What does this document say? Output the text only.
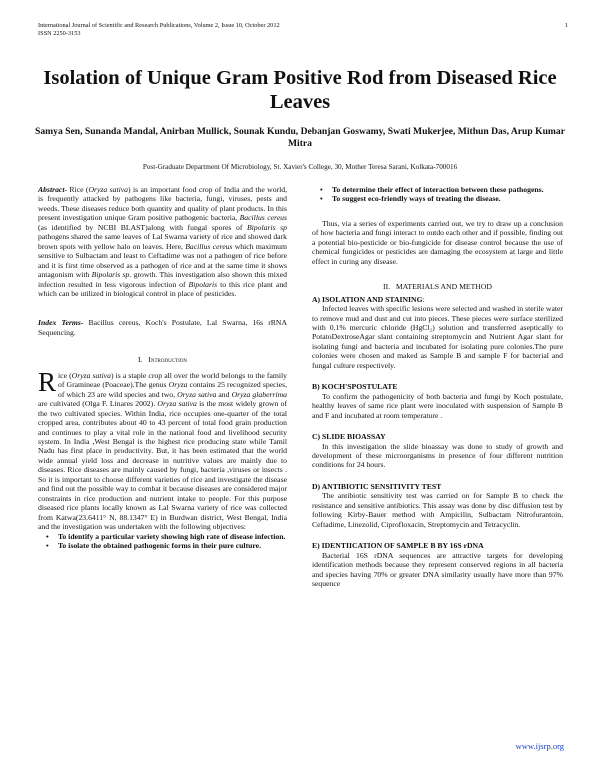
International Journal of Scientific and Research Publications, Volume 2, Issue 10, October 2012
ISSN 2250-3153
1
Isolation of Unique Gram Positive Rod from Diseased Rice Leaves
Samya Sen, Sunanda Mandal, Anirban Mullick, Sounak Kundu, Debanjan Goswamy, Swati Mukerjee, Mithun Das, Arup Kumar Mitra
Post-Graduate Department Of Microbiology, St. Xavier's College, 30, Mother Teresa Sarani, Kolkata-700016

Abstract- Rice (Oryza sativa) is an important food crop of India and the world, is frequently attacked by pathogens like bacteria, fungi, viruses, pests and weeds. These diseases reduce both quantity and quality of plant products. In this present investigation unique Gram positive pathogenic bacteria, Bacillus cereus (as identified by NCBI BLAST)along with fungal spores of Bipolaris sp pathogens shared the same leaves of Lal Swarna variety of rice and showed dark brown spots with yellow halo on leaves. Here, Bacillus cereus which maximum sensitive to Sulbactam and least to Ceftadime was not a pathogen of rice before and it is first time observed as a pathogen of rice and at the same time it shows antagonism with Bipolaris sp. growth. This investigation also shown this mixed infection resulted in less vigorous infection of Bipolaris to this rice plant and which can be utilized in biological control in place of pesticides.

Index Terms- Bacillus cereus, Koch's Postulate, Lal Swarna, 16s rRNA Sequencing.

I. Introduction

Rice (Oryza sativa) is a staple crop all over the world belongs to the family of Gramineae (Poaceae).The genus Oryza contains 25 recognized species, of which 23 are wild species and two, Oryza sativa and Oryza glaberrima are cultivated (Olga F. Linares 2002). Oryza sativa is the most widely grown of the two cultivated species. Within India, rice occupies one-quarter of the total cropped area, contributes about 40 to 43 percent of total food grain production and continues to play a vital role in the national food and livelihood security system. In India ,West Bengal is the highest rice producing state while Tamil Nadu has first place in productivity. But, it has been estimated that the world wide annual yield loss and decrease in nutritive values are mainly due to diseases. Rice diseases are mainly caused by fungi, bacteria ,viruses or insects . So it is important to choose different varieties of rice and investigate the disease and find out the possible way to combat it because diseases are considered major constraints in rice production and nutrient intake to people. For this purpose diseased rice plants locally known as Lal Swarna variety of rice was collected from Katwa(23.6411° N, 88.1347° E) in Burdwan district, West Bengal, India and the investigation was undertaken with the following objectives:

• To identify a particular variety showing high rate of disease infection.
• To isolate the obtained pathogenic forms in their pure culture.
• To determine their effect of interaction between these pathogens.
• To suggest eco-friendly ways of treating the disease.

Thus, via a series of experiments carried out, we try to draw up a conclusion of how bacteria and fungi interact to outdo each other and if possible, finding out a potential bio-pesticide or bio-fungicide for disease control because the use of chemical fungicides or pesticides are damaging the ecosystem at large and little effect in curing any disease.

II. MATERIALS AND METHOD

A) ISOLATION AND STAINING:

Infected leaves with specific lesions were selected and washed in sterile water to remove mud and dust and cut into pieces. These pieces were surface sterilized with 0.1% mercuric chloride (HgCl₂) solution and transferred aseptically to PotatoDextroseAgar slant containing streptomycin and Nutrient Agar slant for isolating fungi and bacteria and incubated for isolating pure colonies.The pure colonies were chosen and maked as Sample B and sample F for bacterial and fungal culture respectively.

B) KOCH'SPOSTULATE

To confirm the pathogenicity of both bacteria and fungi by Koch postulate, healthy leaves of same rice plant were inoculated with suspension of Sample B and F and incubated at room temperature .

C) SLIDE BIOASSAY

In this investigation the slide bioassay was done to study of growth and development of these microorganisms in presence of four different nutrition conditions for 24 hours.

D) ANTIBIOTIC SENSITIVITY TEST

The antibiotic sensitivity test was carried on for Sample B to check the resistance and sensitive antibiotics. This assay was done by disc diffusion test by following Kirby-Bauer method with Ampicilin, Sulbactam Nitrofurantoin, Ceftadime, Linezolid, Ciprofloxacin, Streptomycin and Tetracyclin.

E) IDENTIICATION OF SAMPLE B BY 16S rDNA

Bacterial 16S rDNA sequences are attractive targets for developing identification methods because they represent conserved regions in all bacteria and species having 70% or greater DNA similarity usually have more than 97% sequence

www.ijsrp.org
